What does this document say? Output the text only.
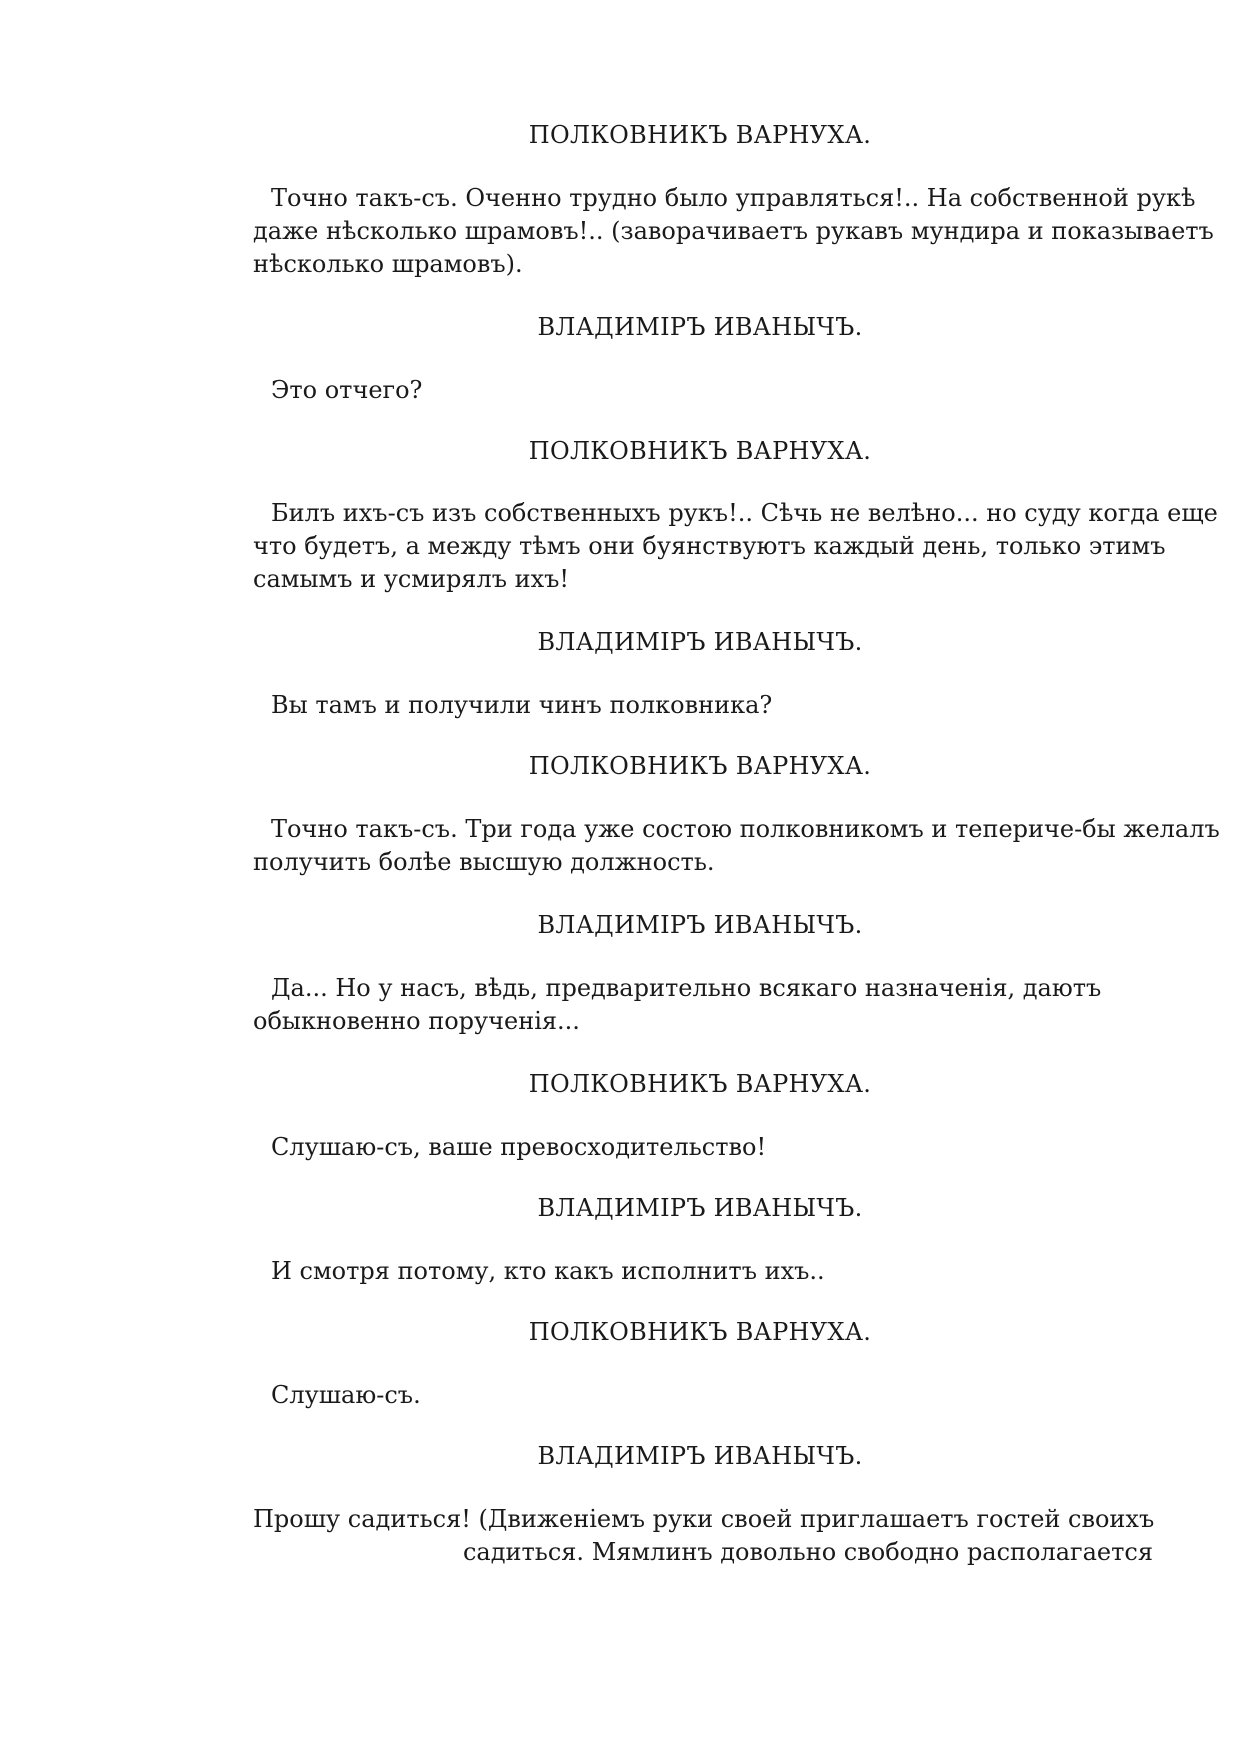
ПОЛКОВНИКЪ ВАРНУХА.
Точно такъ-съ. Оченно трудно было управляться!.. На собственной рукѣ
даже нѣсколько шрамовъ!.. (заворачиваетъ рукавъ мундира и показываетъ
нѣсколько шрамовъ).
ВЛАДИМIРЪ ИВАНЫЧЪ.
Это отчего?
ПОЛКОВНИКЪ ВАРНУХА.
Билъ ихъ-съ изъ собственныхъ рукъ!.. Сѣчь не велѣно... но суду когда еще
что будетъ, а между тѣмъ они буянствуютъ каждый день, только этимъ
самымъ и усмирялъ ихъ!
ВЛАДИМIРЪ ИВАНЫЧЪ.
Вы тамъ и получили чинъ полковника?
ПОЛКОВНИКЪ ВАРНУХА.
Точно такъ-съ. Три года уже состою полковникомъ и тепериче-бы желалъ
получить болѣе высшую должность.
ВЛАДИМIРЪ ИВАНЫЧЪ.
Да... Но у насъ, вѣдь, предварительно всякаго назначенiя, даютъ
обыкновенно порученiя...
ПОЛКОВНИКЪ ВАРНУХА.
Слушаю-съ, ваше превосходительство!
ВЛАДИМIРЪ ИВАНЫЧЪ.
И смотря потому, кто какъ исполнитъ ихъ..
ПОЛКОВНИКЪ ВАРНУХА.
Слушаю-съ.
ВЛАДИМIРЪ ИВАНЫЧЪ.
Прошу садиться! (Движенiемъ руки своей приглашаетъ гостей своихъ
садиться. Мямлинъ довольно свободно располагается
